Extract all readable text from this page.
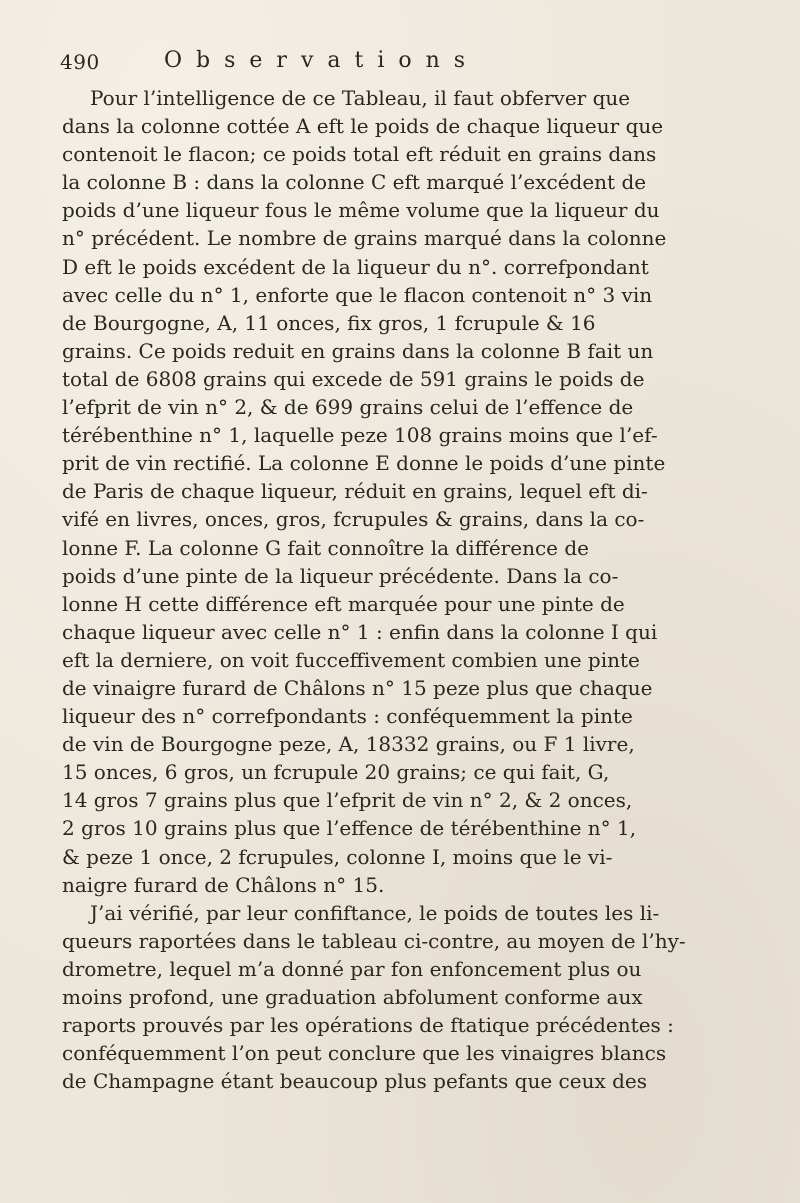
490	Observations
Pour l’intelligence de ce Tableau, il faut obferver que
dans la colonne cottée A eft le poids de chaque liqueur que
contenoit le flacon; ce poids total eft réduit en grains dans
la colonne B : dans la colonne C eft marqué l’excédent de
poids d’une liqueur fous le même volume que la liqueur du
n° précédent. Le nombre de grains marqué dans la colonne
D eft le poids excédent de la liqueur du n°. correfpondant
avec celle du n° 1, enforte que le flacon contenoit n° 3 vin
de Bourgogne, A, 11 onces, fix gros, 1 fcrupule & 16
grains. Ce poids reduit en grains dans la colonne B fait un
total de 6808 grains qui excede de 591 grains le poids de
l’efprit de vin n° 2, & de 699 grains celui de l’effence de
térébenthine n° 1, laquelle peze 108 grains moins que l’ef-
prit de vin rectifié. La colonne E donne le poids d’une pinte
de Paris de chaque liqueur, réduit en grains, lequel eft di-
vifé en livres, onces, gros, fcrupules & grains, dans la co-
lonne F. La colonne G fait connoître la différence de
poids d’une pinte de la liqueur précédente. Dans la co-
lonne H cette différence eft marquée pour une pinte de
chaque liqueur avec celle n° 1 : enfin dans la colonne I qui
eft la derniere, on voit fucceffivement combien une pinte
de vinaigre furard de Châlons n° 15 peze plus que chaque
liqueur des n° correfpondants : conféquemment la pinte
de vin de Bourgogne peze, A, 18332 grains, ou F 1 livre,
15 onces, 6 gros, un fcrupule 20 grains; ce qui fait, G,
14 gros 7 grains plus que l’efprit de vin n° 2, & 2 onces,
2 gros 10 grains plus que l’effence de térébenthine n° 1,
& peze 1 once, 2 fcrupules, colonne I, moins que le vi-
naigre furard de Châlons n° 15.
J’ai vérifié, par leur confiftance, le poids de toutes les li-
queurs raportées dans le tableau ci-contre, au moyen de l’hy-
drometre, lequel m’a donné par fon enfoncement plus ou
moins profond, une graduation abfolument conforme aux
raports prouvés par les opérations de ftatique précédentes :
conféquemment l’on peut conclure que les vinaigres blancs
de Champagne étant beaucoup plus pefants que ceux des
